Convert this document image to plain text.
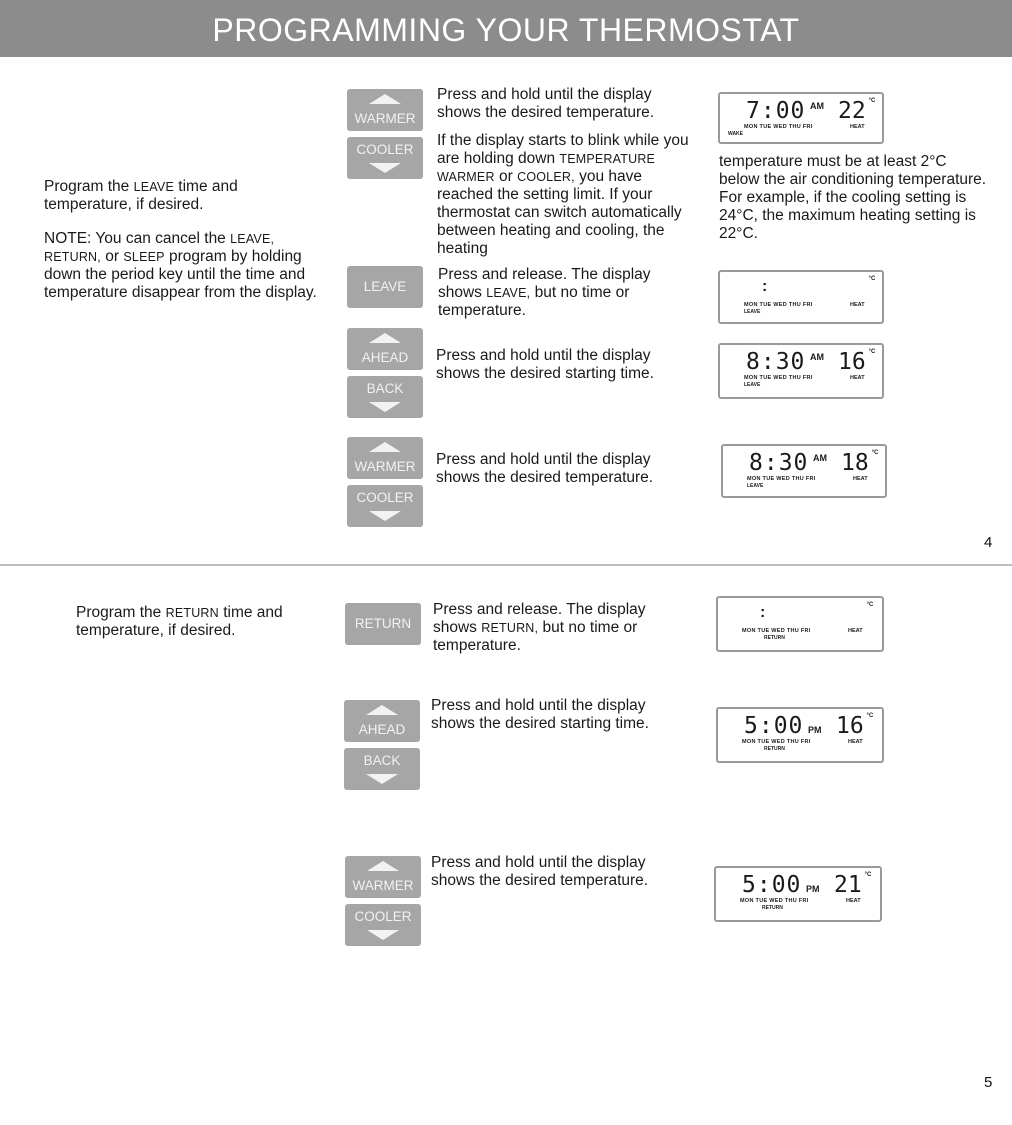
PROGRAMMING YOUR THERMOSTAT

Program the LEAVE time and temperature, if desired.

NOTE: You can cancel the LEAVE, RETURN, or SLEEP program by holding down the period key until the time and temperature disappear from the display.

WARMER
COOLER

Press and hold until the display shows the desired temperature.

If the display starts to blink while you are holding down TEMPERATURE WARMER or COOLER, you have reached the setting limit. If your thermostat can switch automatically between heating and cooling, the heating

7:00 AM 22 °C
MON TUE WED THU FRI	HEAT
WAKE
temperature must be at least 2°C below the air conditioning temperature. For example, if the cooling setting is 24°C, the maximum heating setting is 22°C.
LEAVE

Press and release. The display shows LEAVE, but no time or temperature.

:	°C
MON TUE WED THU FRI	HEAT
LEAVE
AHEAD
BACK

Press and hold until the display shows the desired starting time.	8:30 AM 16 °C
MON TUE WED THU FRI	HEAT
LEAVE
WARMER
COOLER

Press and hold until the display shows the desired temperature.

8:30 AM 18 °C
MON TUE WED THU FRI	HEAT
LEAVE
4

Program the RETURN time and temperature, if desired.	RETURN

Press and release. The display shows RETURN, but no time or temperature.

:	°C
MON TUE WED THU FRI	HEAT
RETURN
AHEAD
BACK

Press and hold until the display shows the desired starting time.	5:00 PM 16 °C
MON TUE WED THU FRI	HEAT
RETURN
WARMER
COOLER

Press and hold until the display shows the desired temperature.	5:00 PM 21 °C
MON TUE WED THU FRI	HEAT
RETURN
5
